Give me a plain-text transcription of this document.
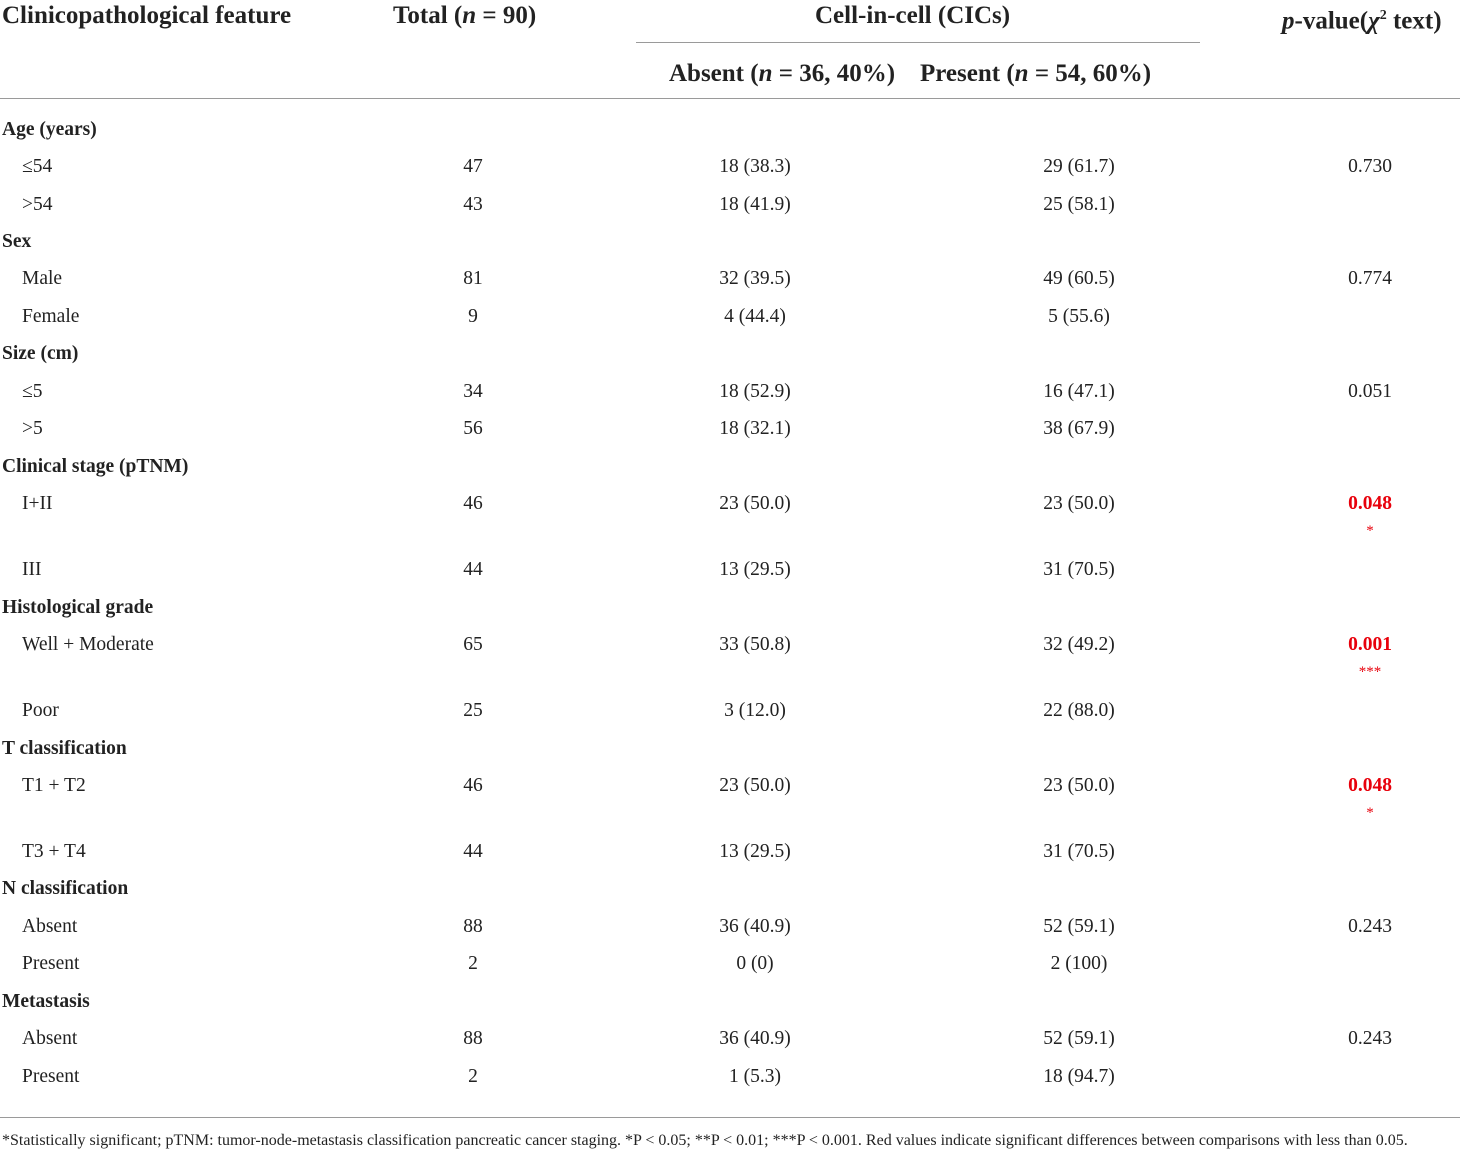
Clinicopathological feature	Total (n = 90)	Cell-in-cell (CICs)	$p-value(\chi^2$ text)
Absent (n = 36, 40%) Present (n = 54, 60%)
Age (years)
≤54	47	18 (38.3)	29 (61.7)	0.730
>54	43	18 (41.9)	25 (58.1)
Sex
Male	81	32 (39.5)	49 (60.5)	0.774
Female	9	4 (44.4)	5 (55.6)
Size (cm)
≤5	34	18 (52.9)	16 (47.1)	0.051
>5	56	18 (32.1)	38 (67.9)
Clinical stage (pTNM)
I+II	46	23 (50.0)	23 (50.0)	0.048
*
III	44	13 (29.5)	31 (70.5)
Histological grade
Well + Moderate	65	33 (50.8)	32 (49.2)	0.001
***
Poor	25	3 (12.0)	22 (88.0)
T classification
T1 + T2	46	23 (50.0)	23 (50.0)	0.048
*
T3 + T4	44	13 (29.5)	31 (70.5)
N classification
Absent	88	36 (40.9)	52 (59.1)	0.243
Present	2	0 (0)	2 (100)
Metastasis
Absent	88	36 (40.9)	52 (59.1)	0.243
Present	2	1 (5.3)	18 (94.7)
*Statistically significant; pTNM: tumor-node-metastasis classification pancreatic cancer staging. *P < 0.05; **P < 0.01; ***P < 0.001. Red values indicate significant differences between comparisons with less than 0.05.
